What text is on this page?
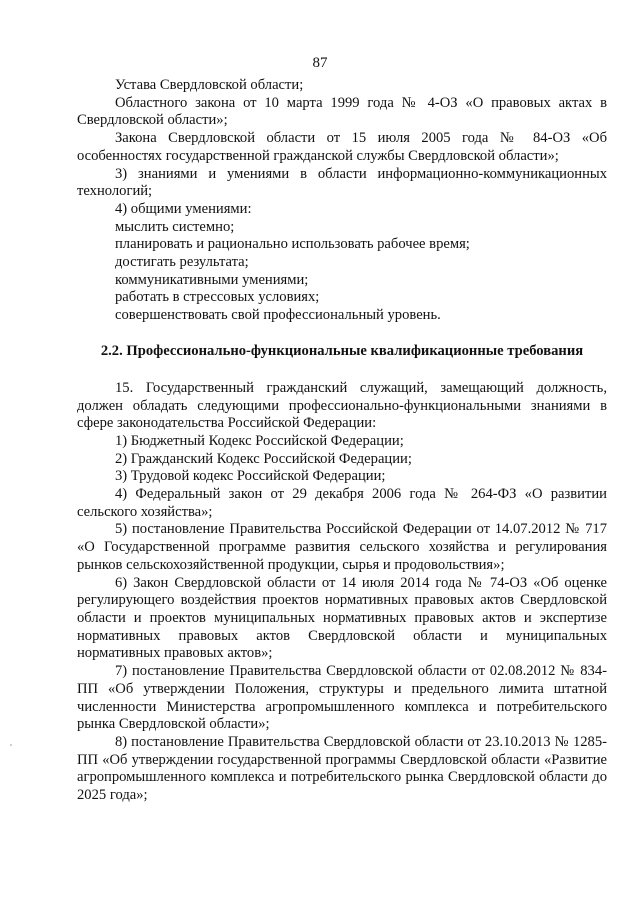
87

Устава Свердловской области;

Областного закона от 10 марта 1999 года № 4-ОЗ «О правовых актах в Свердловской области»;

Закона Свердловской области от 15 июля 2005 года № 84-ОЗ «Об особенностях государственной гражданской службы Свердловской области»;

3) знаниями и умениями в области информационно-коммуникационных технологий;

4) общими умениями:

мыслить системно;

планировать и рационально использовать рабочее время;

достигать результата;

коммуникативными умениями;

работать в стрессовых условиях;

совершенствовать свой профессиональный уровень.

2.2. Профессионально-функциональные квалификационные требования

15. Государственный гражданский служащий, замещающий должность, должен обладать следующими профессионально-функциональными знаниями в сфере законодательства Российской Федерации:

1) Бюджетный Кодекс Российской Федерации;

2) Гражданский Кодекс Российской Федерации;

3) Трудовой кодекс Российской Федерации;

4) Федеральный закон от 29 декабря 2006 года № 264-ФЗ «О развитии сельского хозяйства»;

5) постановление Правительства Российской Федерации от 14.07.2012 № 717 «О Государственной программе развития сельского хозяйства и регулирования рынков сельскохозяйственной продукции, сырья и продовольствия»;

6) Закон Свердловской области от 14 июля 2014 года № 74-ОЗ «Об оценке регулирующего воздействия проектов нормативных правовых актов Свердловской области и проектов муниципальных нормативных правовых актов и экспертизе нормативных правовых актов Свердловской области и муниципальных нормативных правовых актов»;

7) постановление Правительства Свердловской области от 02.08.2012 № 834-ПП «Об утверждении Положения, структуры и предельного лимита штатной численности Министерства агропромышленного комплекса и потребительского рынка Свердловской области»;

8) постановление Правительства Свердловской области от 23.10.2013 № 1285-ПП «Об утверждении государственной программы Свердловской области «Развитие агропромышленного комплекса и потребительского рынка Свердловской области до 2025 года»;
